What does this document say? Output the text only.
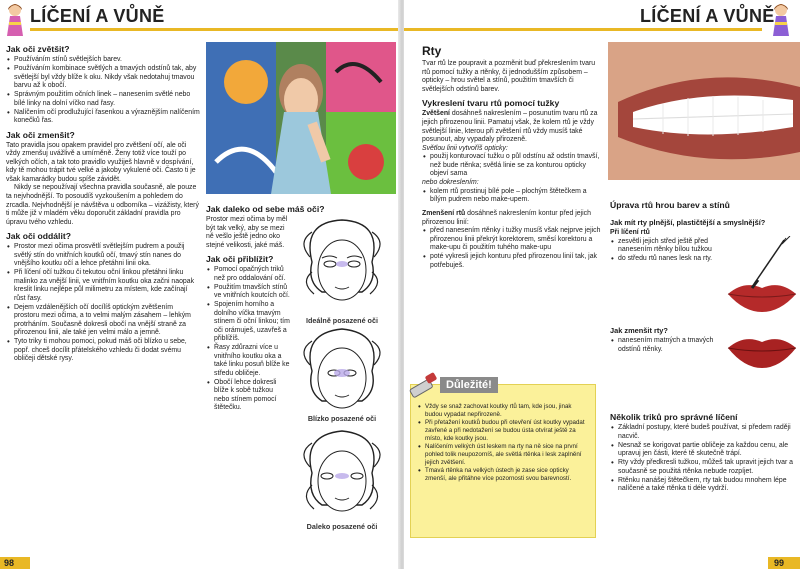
LÍČENÍ A VŮNĚ
Jak oči zvětšit?
• Používáním stínů světlejších barev.
• Používáním kombinace světlých a tmavých odstínů tak, aby světlejší byl vždy blíže k oku. Nikdy však nedotahuj tmavou barvu až k obočí.
• Správným použitím očních linek – nanesením světlé nebo bílé linky na dolní víčko nad řasy.
• Nalíčením očí prodlužující řasenkou a výraznějším nalíčením konečků řas.
Jak oči zmenšit?
Tato pravidla jsou opakem pravidel pro zvětšení očí, ale oči vždy zmenšuj uvážlivě a umírněně. Ženy totiž více touží po velkých očích, a tak toto pravidlo využiješ hlavně v dospívání, kdy tě mohou trápit tvé velké a jakoby vykulené oči. Často ti je však kamarádky budou spíše závidět.
Nikdy se nepoužívají všechna pravidla současně, ale pouze ta nejvhodnější. To posoudíš vyzkoušením a pohledem do zrcadla. Nejvhodnější je návštěva u odborníka – vizážisty, který ti může již v mladém věku doporučit základní pravidla pro úpravu tvého vzhledu.
Jak oči oddálit?
• Prostor mezi očima prosvětlí světlejším pudrem a použij světlý stín do vnitřních koutků očí, tmavý stín nanes do vnějšího koutku očí a lehce přetáhni linii oka.
• Při líčení očí tužkou či tekutou oční linkou přetáhni linku malinko za vnější linii, ve vnitřním koutku oka začni naopak kreslit linku nejlépe půl milimetru za místem, kde začínají růst řasy.
• Dejem vzdálenějších očí docílíš optickým zvětšením prostoru mezi očima, a to velmi malým zásahem – lehkým protrháním. Současně dokresli obočí na vnější straně za přirozenou linii, ale také jen velmi málo a jemně.
• Tyto triky ti mohou pomoci, pokud máš oči blízko u sebe, popř. chceš docílit přátelského vzhledu či dodat svému obličeji dětské rysy.
Jak daleko od sebe máš oči?
Prostor mezi očima by měl být tak velký, aby se mezi ně vešlo ještě jedno oko stejné velikosti, jaké máš.
Jak oči přiblížit?
• Pomocí opačných triků než pro oddalování očí.
• Použitím tmavších stínů ve vnitřních koutcích očí.
• Spojením horního a dolního víčka tmavým stínem či oční linkou; tím oči orámuješ, uzavřeš a přiblížíš.
• Řasy zdůrazni více u vnitřního koutku oka a také linku posuň blíže ke středu obličeje.
• Obočí lehce dokresli blíže k sobě tužkou nebo stínem pomocí štětečku.
Ideálně posazené oči
Blízko posazené oči
Daleko posazené oči
98
LÍČENÍ A VŮNĚ
Rty
Tvar rtů lze poupravit a pozměnit buď překreslením tvaru rtů pomocí tužky a rtěnky, či jednodušším způsobem – opticky – hrou světel a stínů, použitím tmavších či světlejších odstínů barev.
Vykreslení tvaru rtů pomocí tužky
Zvětšení dosáhneš nakreslením – posunutím tvaru rtů za jejich přirozenou linii. Pamatuj však, že kolem rtů je vždy světlejší linie, kterou při zvětšení rtů vždy musíš také posunout, aby vypadaly přirozeně.
Světlou linii vytvoříš opticky:
• použij konturovací tužku o půl odstínu až odstín tmavší, než bude rtěnka; světlá linie se za konturou opticky objeví sama
nebo dokreslením:
• kolem rtů prostinuj bílé pole – plochým štětečkem a bílým pudrem nebo make-upem.
Zmenšení rtů dosáhneš nakreslením kontur před jejich přirozenou linií:
• před nanesením rtěnky i tužky musíš však nejprve jejich přirozenou linii překrýt korektorem, směsí korektoru a make-upu či použitím tuhého make-upu
• poté vykresli jejich konturu před přirozenou linií tak, jak potřebuješ.
• Vždy se snaž zachovat koutky rtů tam, kde jsou, jinak budou vypadat nepřirozeně.
• Při přetažení koutků budou při otevření úst koutky vypadat zavřené a při nedotažení se budou ústa otvírat ještě za místo, kde koutky jsou.
• Nalíčením velkých úst leskem na rty na ně sice na první pohled tolik neupozorníš, ale světlá rtěnka i lesk zaplnění jejich zvětšení.
• Tmavá rtěnka na velkých ústech je zase sice opticky zmenší, ale přitáhne více pozornosti svou barevností.
Důležité!
Úprava rtů hrou barev a stínů
Jak mít rty plnější, plastičtější a smyslnější?
Při líčení rtů
• zesvětli jejich střed ještě před nanesením rtěnky bílou tužkou
• do středu rtů nanes lesk na rty.
Jak zmenšit rty?
• nanesením matných a tmavých odstínů rtěnky.
Několik triků pro správné líčení
• Základní postupy, které budeš používat, si předem raději nacvič.
• Nesnaž se korigovat partie obličeje za každou cenu, ale upravuj jen části, které tě skutečně trápí.
• Rty vždy předkresli tužkou, můžeš tak upravit jejich tvar a současně se použitá rtěnka nebude rozpíjet.
• Rtěnku nanášej štětečkem, rty tak budou mnohem lépe nalíčené a také rtěnka ti déle vydrží.
99
